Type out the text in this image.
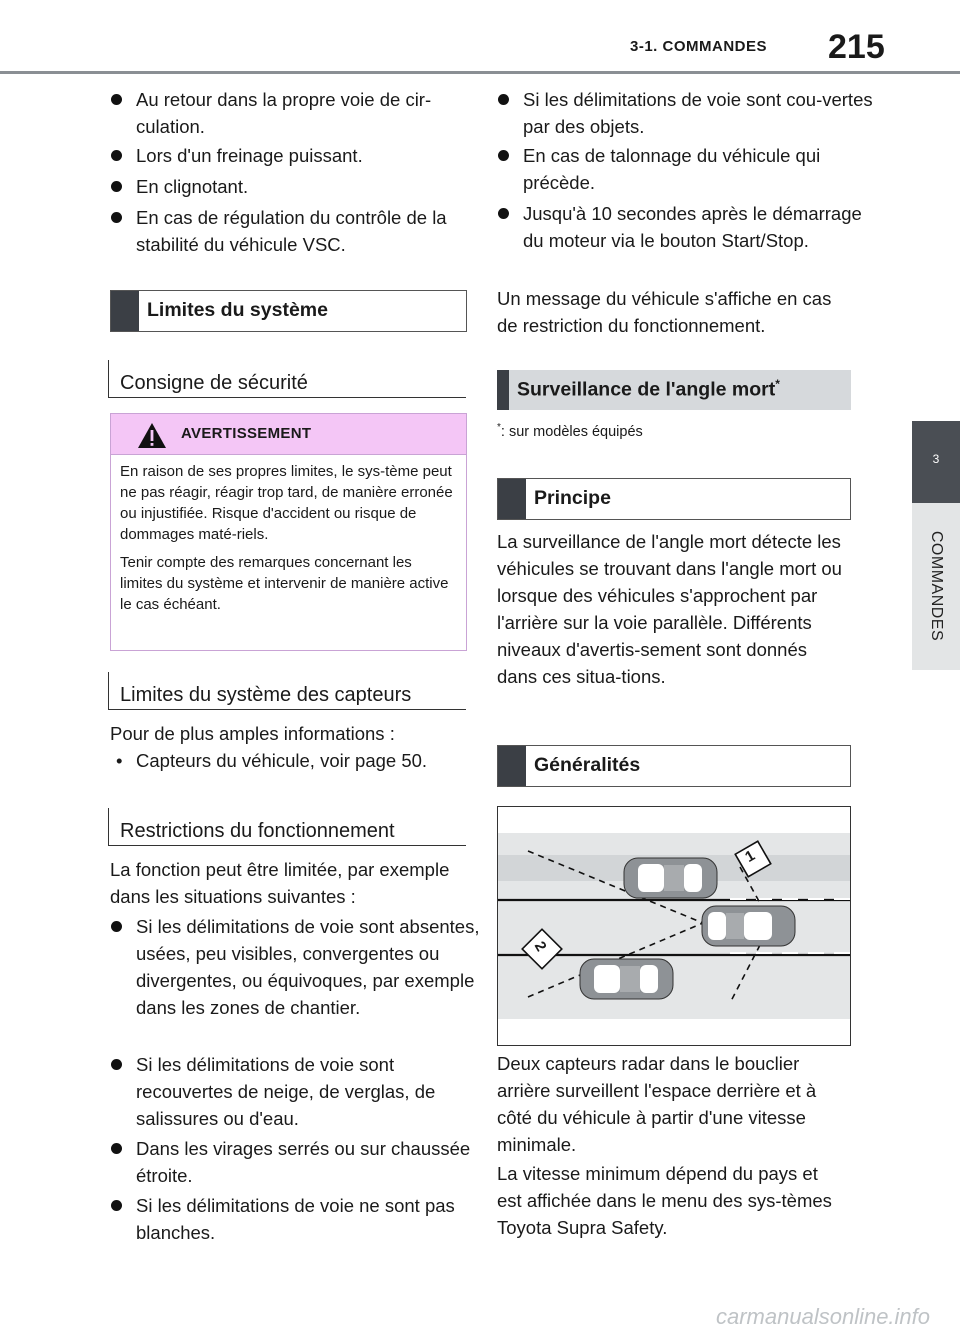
3-1. COMMANDES 215
3
COMMANDES
Au retour dans la propre voie de cir-culation.
Lors d'un freinage puissant.
En clignotant.
En cas de régulation du contrôle de la stabilité du véhicule VSC.
Limites du système
Consigne de sécurité
AVERTISSEMENT
En raison de ses propres limites, le sys-tème peut ne pas réagir, réagir trop tard, de manière erronée ou injustifiée. Risque d'accident ou risque de dommages maté-riels.
Tenir compte des remarques concernant les limites du système et intervenir de manière active le cas échéant.
Limites du système des capteurs
Pour de plus amples informations :
• Capteurs du véhicule, voir page 50.
Restrictions du fonctionnement
La fonction peut être limitée, par exemple dans les situations suivantes :
Si les délimitations de voie sont absentes, usées, peu visibles, convergentes ou divergentes, ou équivoques, par exemple dans les zones de chantier.
Si les délimitations de voie sont recouvertes de neige, de verglas, de salissures ou d'eau.
Dans les virages serrés ou sur chaussée étroite.
Si les délimitations de voie ne sont pas blanches.
Si les délimitations de voie sont cou-vertes par des objets.
En cas de talonnage du véhicule qui précède.
Jusqu'à 10 secondes après le démarrage du moteur via le bouton Start/Stop.
Un message du véhicule s'affiche en cas de restriction du fonctionnement.
Surveillance de l'angle mort*
*: sur modèles équipés
Principe
La surveillance de l'angle mort détecte les véhicules se trouvant dans l'angle mort ou lorsque des véhicules s'approchent par l'arrière sur la voie parallèle. Différents niveaux d'avertis-sement sont donnés dans ces situa-tions.
Généralités
1
2
Deux capteurs radar dans le bouclier arrière surveillent l'espace derrière et à côté du véhicule à partir d'une vitesse minimale.
La vitesse minimum dépend du pays et est affichée dans le menu des sys-tèmes Toyota Supra Safety.
carmanualsonline.info
